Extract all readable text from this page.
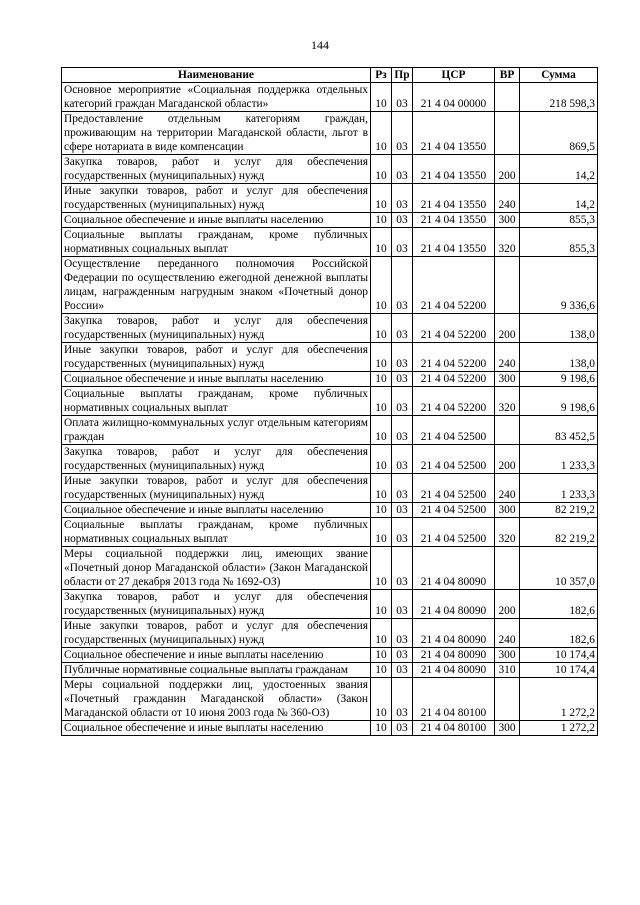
144
Наименование	Рз	Пр	ЦСР	ВР	Сумма
Основное мероприятие «Социальная поддержка отдельных категорий граждан Магаданской области»	10	03	21 4 04 00000		218 598,3
Предоставление отдельным категориям граждан, проживающим на территории Магаданской области, льгот в сфере нотариата в виде компенсации	10	03	21 4 04 13550		869,5
Закупка товаров, работ и услуг для обеспечения государственных (муниципальных) нужд	10	03	21 4 04 13550	200	14,2
Иные закупки товаров, работ и услуг для обеспечения государственных (муниципальных) нужд	10	03	21 4 04 13550	240	14,2
Социальное обеспечение и иные выплаты населению	10	03	21 4 04 13550	300	855,3
Социальные выплаты гражданам, кроме публичных нормативных социальных выплат	10	03	21 4 04 13550	320	855,3
Осуществление переданного полномочия Российской Федерации по осуществлению ежегодной денежной выплаты лицам, награжденным нагрудным знаком «Почетный донор России»	10	03	21 4 04 52200		9 336,6
Закупка товаров, работ и услуг для обеспечения государственных (муниципальных) нужд	10	03	21 4 04 52200	200	138,0
Иные закупки товаров, работ и услуг для обеспечения государственных (муниципальных) нужд	10	03	21 4 04 52200	240	138,0
Социальное обеспечение и иные выплаты населению	10	03	21 4 04 52200	300	9 198,6
Социальные выплаты гражданам, кроме публичных нормативных социальных выплат	10	03	21 4 04 52200	320	9 198,6
Оплата жилищно-коммунальных услуг отдельным категориям граждан	10	03	21 4 04 52500		83 452,5
Закупка товаров, работ и услуг для обеспечения государственных (муниципальных) нужд	10	03	21 4 04 52500	200	1 233,3
Иные закупки товаров, работ и услуг для обеспечения государственных (муниципальных) нужд	10	03	21 4 04 52500	240	1 233,3
Социальное обеспечение и иные выплаты населению	10	03	21 4 04 52500	300	82 219,2
Социальные выплаты гражданам, кроме публичных нормативных социальных выплат	10	03	21 4 04 52500	320	82 219,2
Меры социальной поддержки лиц, имеющих звание «Почетный донор Магаданской области» (Закон Магаданской области от 27 декабря 2013 года № 1692-ОЗ)	10	03	21 4 04 80090		10 357,0
Закупка товаров, работ и услуг для обеспечения государственных (муниципальных) нужд	10	03	21 4 04 80090	200	182,6
Иные закупки товаров, работ и услуг для обеспечения государственных (муниципальных) нужд	10	03	21 4 04 80090	240	182,6
Социальное обеспечение и иные выплаты населению	10	03	21 4 04 80090	300	10 174,4
Публичные нормативные социальные выплаты гражданам	10	03	21 4 04 80090	310	10 174,4
Меры социальной поддержки лиц, удостоенных звания «Почетный гражданин Магаданской области» (Закон Магаданской области от 10 июня 2003 года № 360-ОЗ)	10	03	21 4 04 80100		1 272,2
Социальное обеспечение и иные выплаты населению	10	03	21 4 04 80100	300	1 272,2
